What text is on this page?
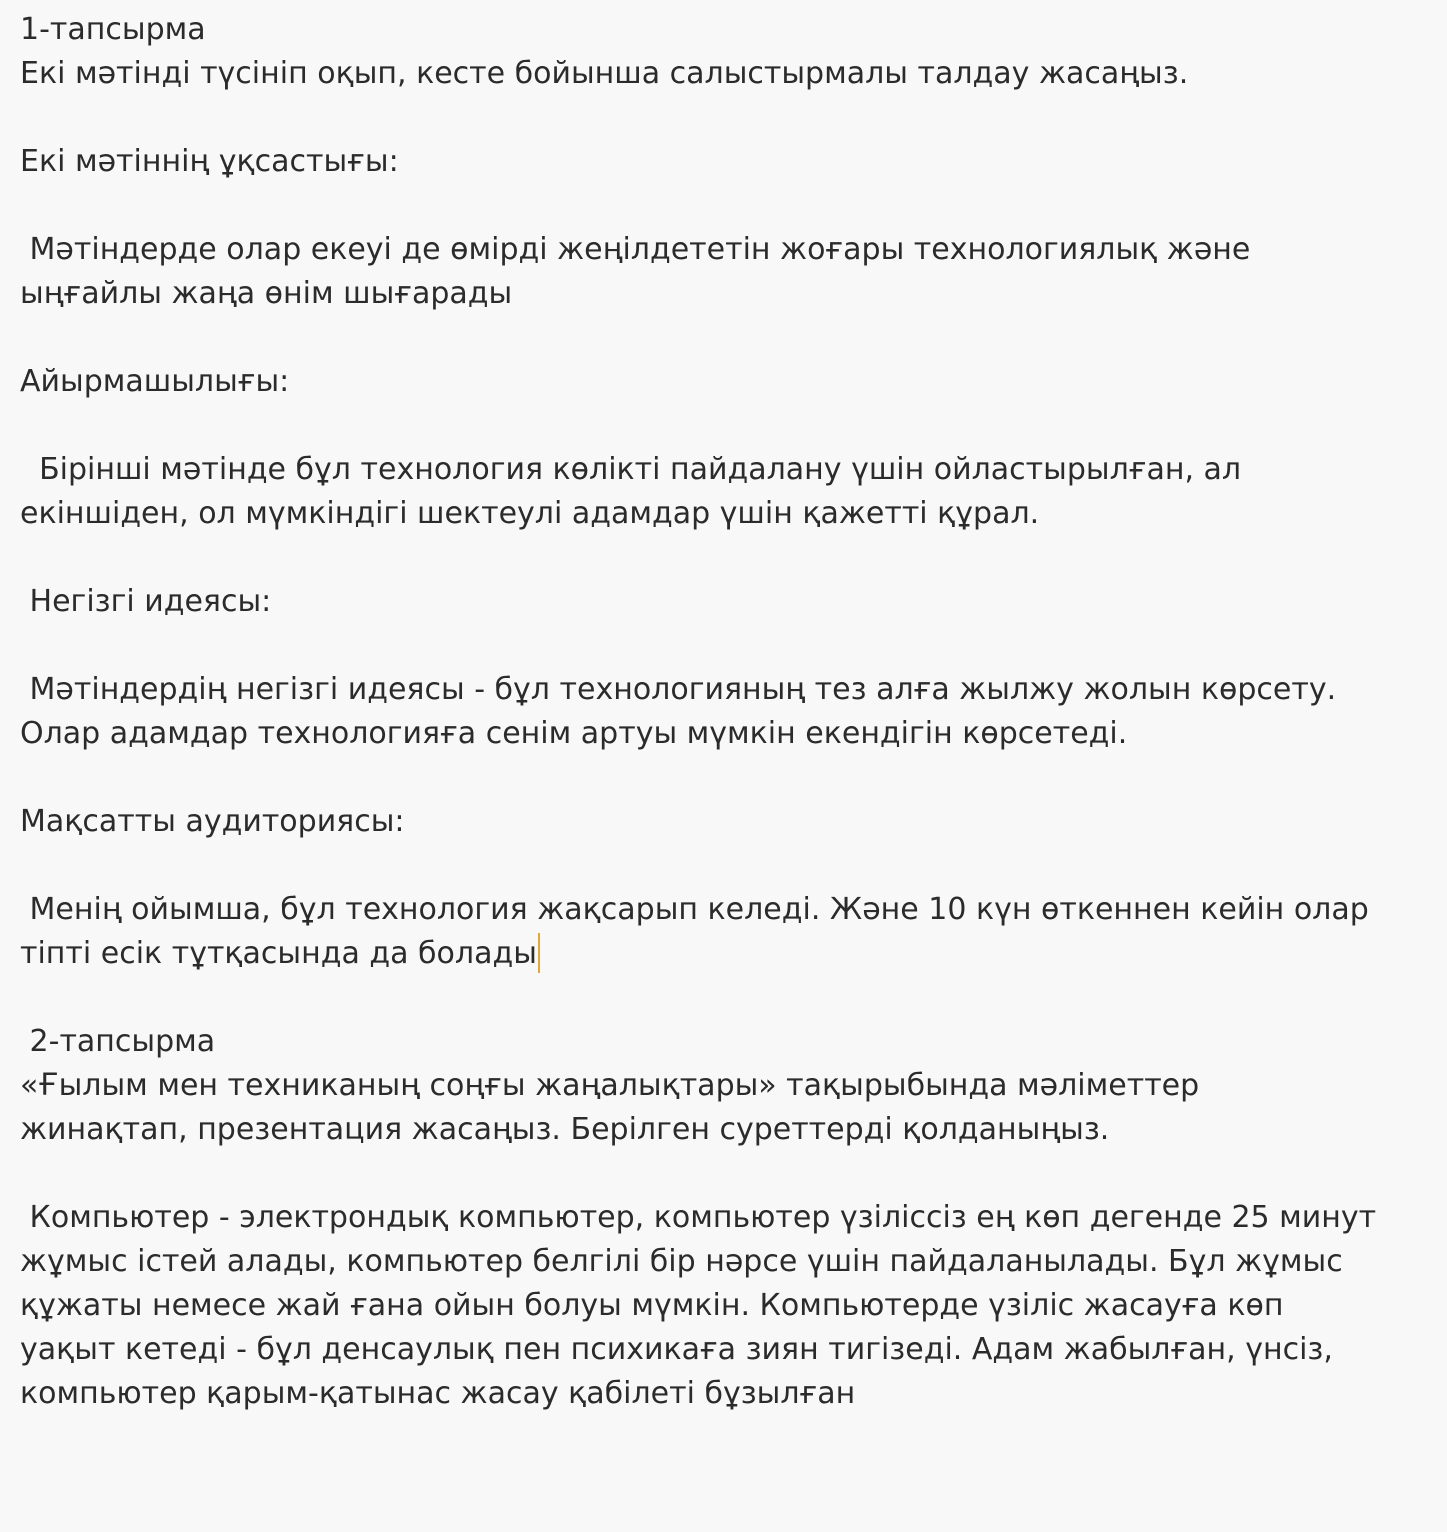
1-тапсырма
Екі мәтінді түсініп оқып, кесте бойынша салыстырмалы талдау жасаңыз.
Екі мәтіннің ұқсастығы:
Мәтіндерде олар екеуі де өмірді жеңілдететін жоғары технологиялық және
ыңғайлы жаңа өнім шығарады
Айырмашылығы:
Бірінші мәтінде бұл технология көлікті пайдалану үшін ойластырылған, ал
екіншіден, ол мүмкіндігі шектеулі адамдар үшін қажетті құрал.
Негізгі идеясы:
Мәтіндердің негізгі идеясы - бұл технологияның тез алға жылжу жолын көрсету.
Олар адамдар технологияға сенім артуы мүмкін екендігін көрсетеді.
Мақсатты аудиториясы:
Менің ойымша, бұл технология жақсарып келеді. Және 10 күн өткеннен кейін олар
тіпті есік тұтқасында да болады
2-тапсырма
«Ғылым мен техниканың соңғы жаңалықтары» тақырыбында мәліметтер
жинақтап, презентация жасаңыз. Берілген суреттерді қолданыңыз.
Компьютер - электрондық компьютер, компьютер үзіліссіз ең көп дегенде 25 минут
жұмыс істей алады, компьютер белгілі бір нәрсе үшін пайдаланылады. Бұл жұмыс
құжаты немесе жай ғана ойын болуы мүмкін. Компьютерде үзіліс жасауға көп
уақыт кетеді - бұл денсаулық пен психикаға зиян тигізеді. Адам жабылған, үнсіз,
компьютер қарым-қатынас жасау қабілеті бұзылған
